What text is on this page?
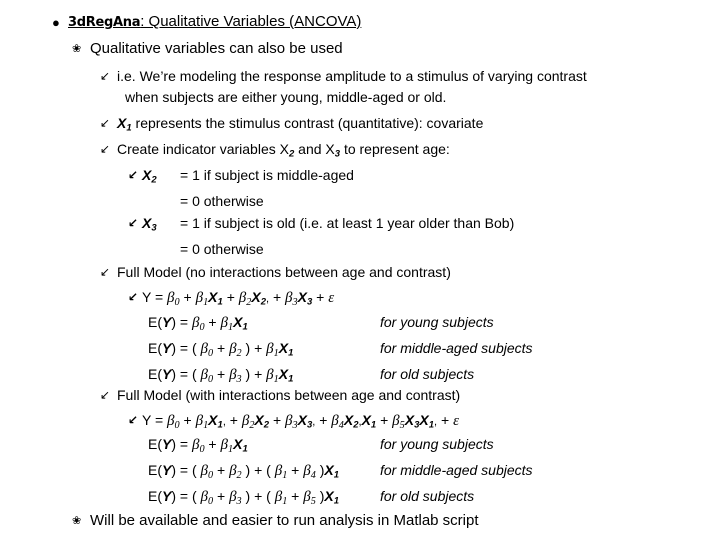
● 3dRegAna: Qualitative Variables (ANCOVA)
❀ Qualitative variables can also be used
↙ i.e. We’re modeling the response amplitude to a stimulus of varying contrast
when subjects are either young, middle-aged or old.
↙ $X_1$ represents the stimulus contrast (quantitative): covariate
↙ Create indicator variables $X_2$ and $X_3$ to represent age:
↙ $X_2 = 1$ if subject is middle-aged
= 0 otherwise
↙ $X_3 = 1$ if subject is old (i.e. at least 1 year older than Bob)
= 0 otherwise
↙ Full Model (no interactions between age and contrast)
↙ $Y = \beta_0 + \beta_1X_1 + \beta_2X_2$, + $\beta_3X_3 + \varepsilon$
$E(Y) = \beta_0 + \beta_1X_1$	for young subjects
E(Y) = ( $\beta_0 + \beta_2$ ) + $\beta_1X_1$	for middle-aged subjects
E(Y) = ( $\beta_0 + \beta_3$ ) + $\beta_1X_1$	for old subjects
↙ Full Model (with interactions between age and contrast)
↙ $Y = \beta_0 + \beta_1X_1$, + $\beta_2X_2 + \beta_3X_3$, + $\beta_4X_2,X_1 + \beta_5X_3X_1$, + ε
$E(Y) = \beta_0 + \beta_1X_1$	for young subjects
E(Y) = ( $\beta_0 + \beta_2$ ) + ( $\beta_1 + \beta_4$ )$X_1$	for middle-aged subjects
E(Y) = ( $\beta_0 + \beta_3$ ) + ( $\beta_1 + \beta_5$ )$X_1$	for old subjects
❀ Will be available and easier to run analysis in Matlab script
